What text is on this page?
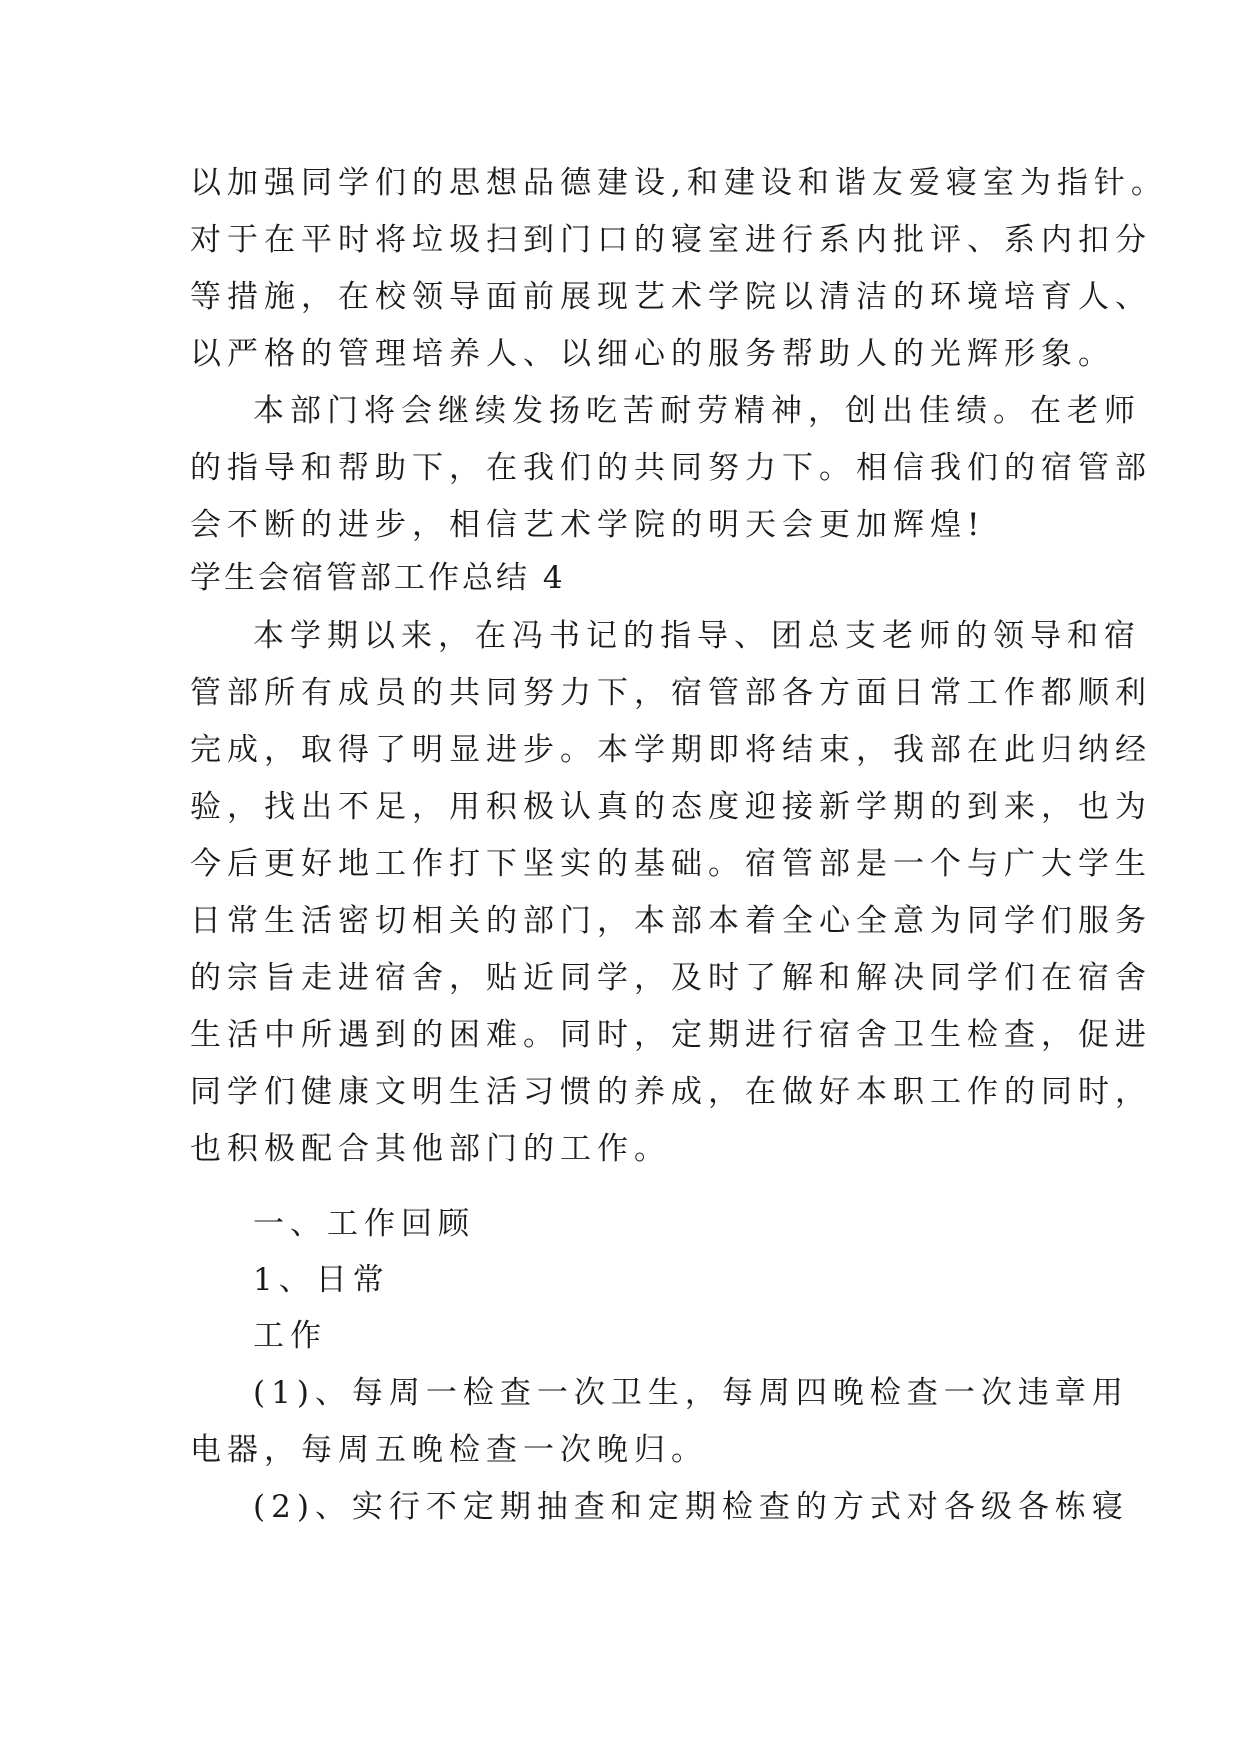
以加强同学们的思想品德建设,和建设和谐友爱寝室为指针。
对于在平时将垃圾扫到门口的寝室进行系内批评、系内扣分
等措施，在校领导面前展现艺术学院以清洁的环境培育人、
以严格的管理培养人、以细心的服务帮助人的光辉形象。
本部门将会继续发扬吃苦耐劳精神，创出佳绩。在老师
的指导和帮助下，在我们的共同努力下。相信我们的宿管部
会不断的进步，相信艺术学院的明天会更加辉煌!
学生会宿管部工作总结 4
本学期以来，在冯书记的指导、团总支老师的领导和宿
管部所有成员的共同努力下，宿管部各方面日常工作都顺利
完成，取得了明显进步。本学期即将结束，我部在此归纳经
验，找出不足，用积极认真的态度迎接新学期的到来，也为
今后更好地工作打下坚实的基础。宿管部是一个与广大学生
日常生活密切相关的部门，本部本着全心全意为同学们服务
的宗旨走进宿舍，贴近同学，及时了解和解决同学们在宿舍
生活中所遇到的困难。同时，定期进行宿舍卫生检查，促进
同学们健康文明生活习惯的养成，在做好本职工作的同时，
也积极配合其他部门的工作。
一、工作回顾
1、日常
工作
(1)、每周一检查一次卫生，每周四晚检查一次违章用
电器，每周五晚检查一次晚归。
(2)、实行不定期抽查和定期检查的方式对各级各栋寝
